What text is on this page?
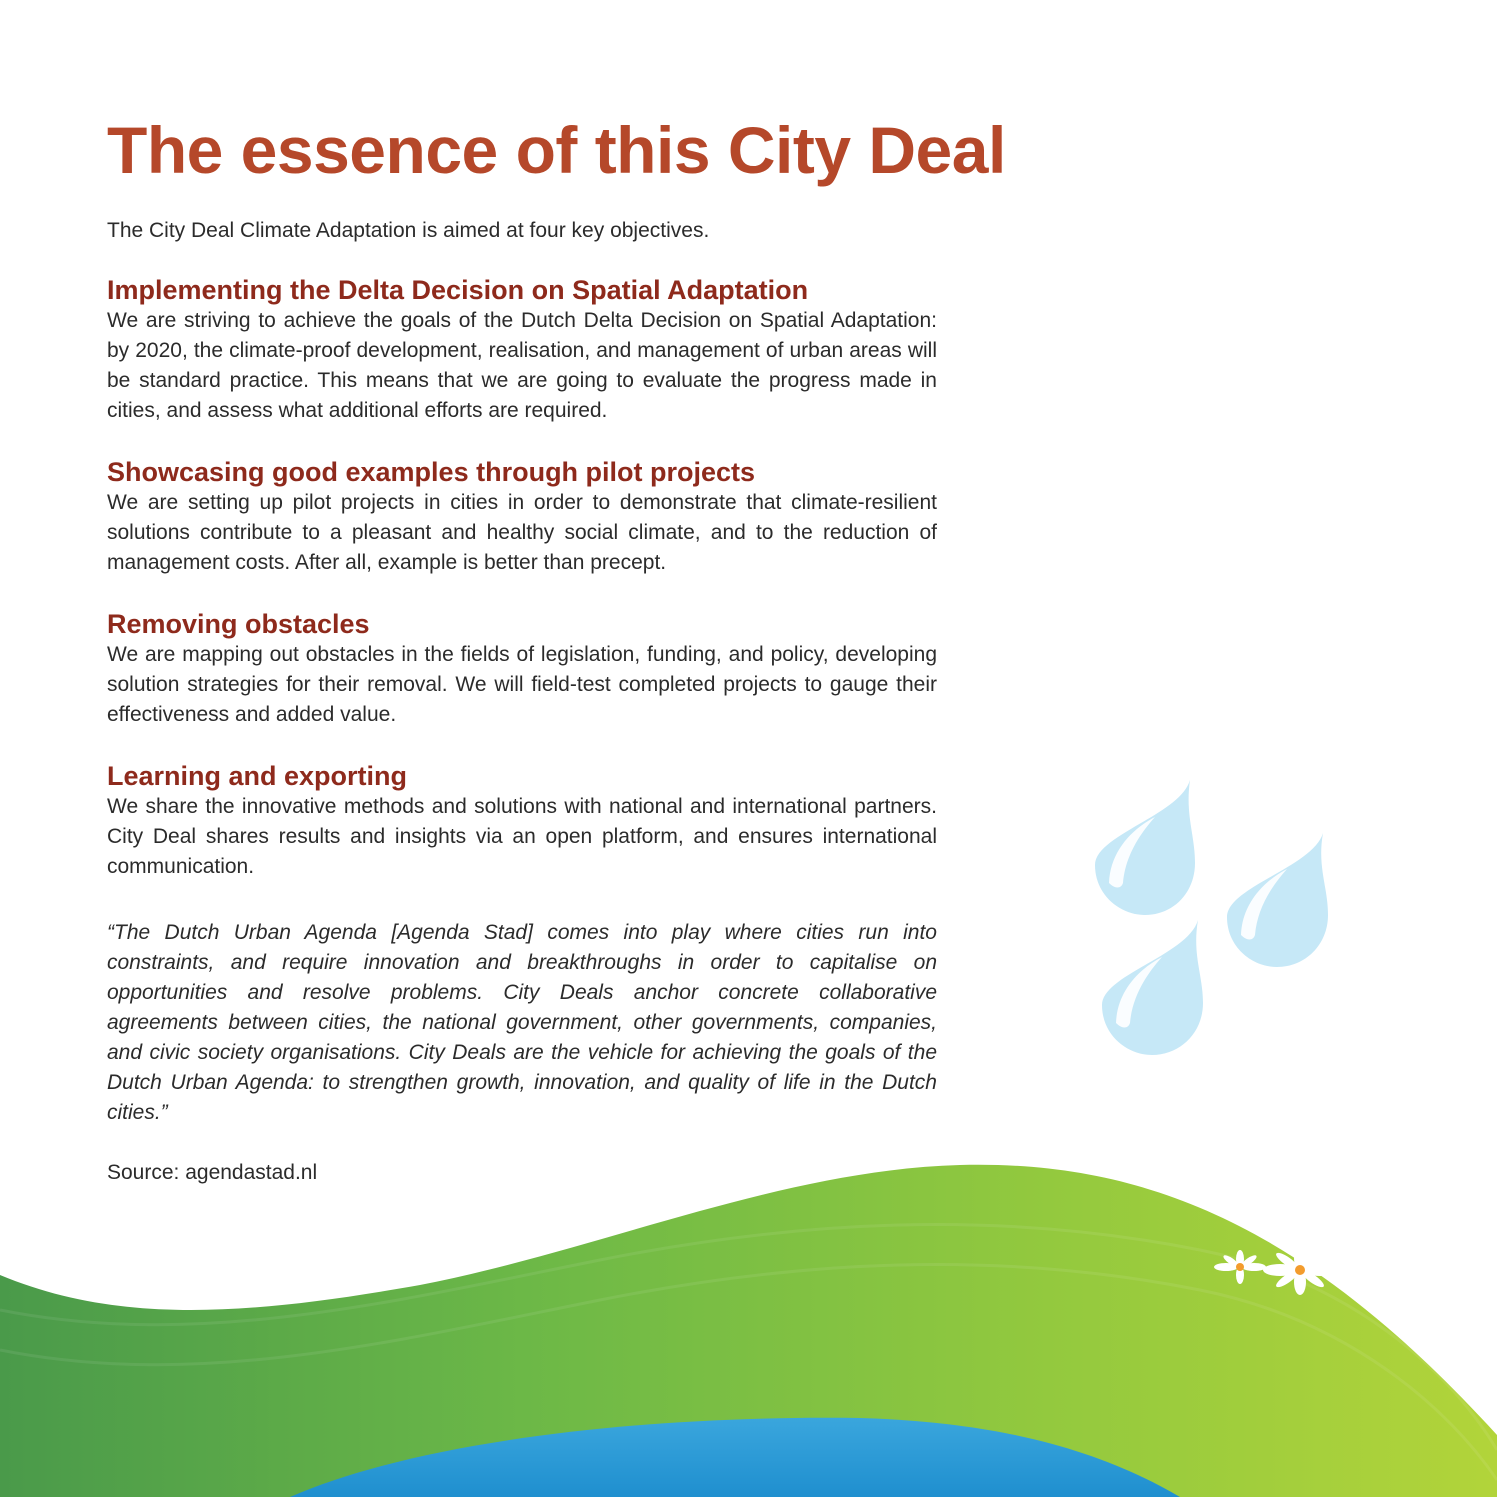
The essence of this City Deal

The City Deal Climate Adaptation is aimed at four key objectives.

Implementing the Delta Decision on Spatial Adaptation

We are striving to achieve the goals of the Dutch Delta Decision on Spatial Adaptation: by 2020, the climate-proof development, realisation, and management of urban areas will be standard practice. This means that we are going to evaluate the progress made in cities, and assess what additional efforts are required.

Showcasing good examples through pilot projects

We are setting up pilot projects in cities in order to demonstrate that climate-resilient solutions contribute to a pleasant and healthy social climate, and to the reduction of management costs. After all, example is better than precept.

Removing obstacles

We are mapping out obstacles in the fields of legislation, funding, and policy, developing solution strategies for their removal. We will field-test completed projects to gauge their effectiveness and added value.

Learning and exporting

We share the innovative methods and solutions with national and international partners. City Deal shares results and insights via an open platform, and ensures international communication.

“The Dutch Urban Agenda [Agenda Stad] comes into play where cities run into constraints, and require innovation and breakthroughs in order to capitalise on opportunities and resolve problems. City Deals anchor concrete collaborative agreements between cities, the national government, other governments, companies, and civic society organisations. City Deals are the vehicle for achieving the goals of the Dutch Urban Agenda: to strengthen growth, innovation, and quality of life in the Dutch cities.”

Source: agendastad.nl
